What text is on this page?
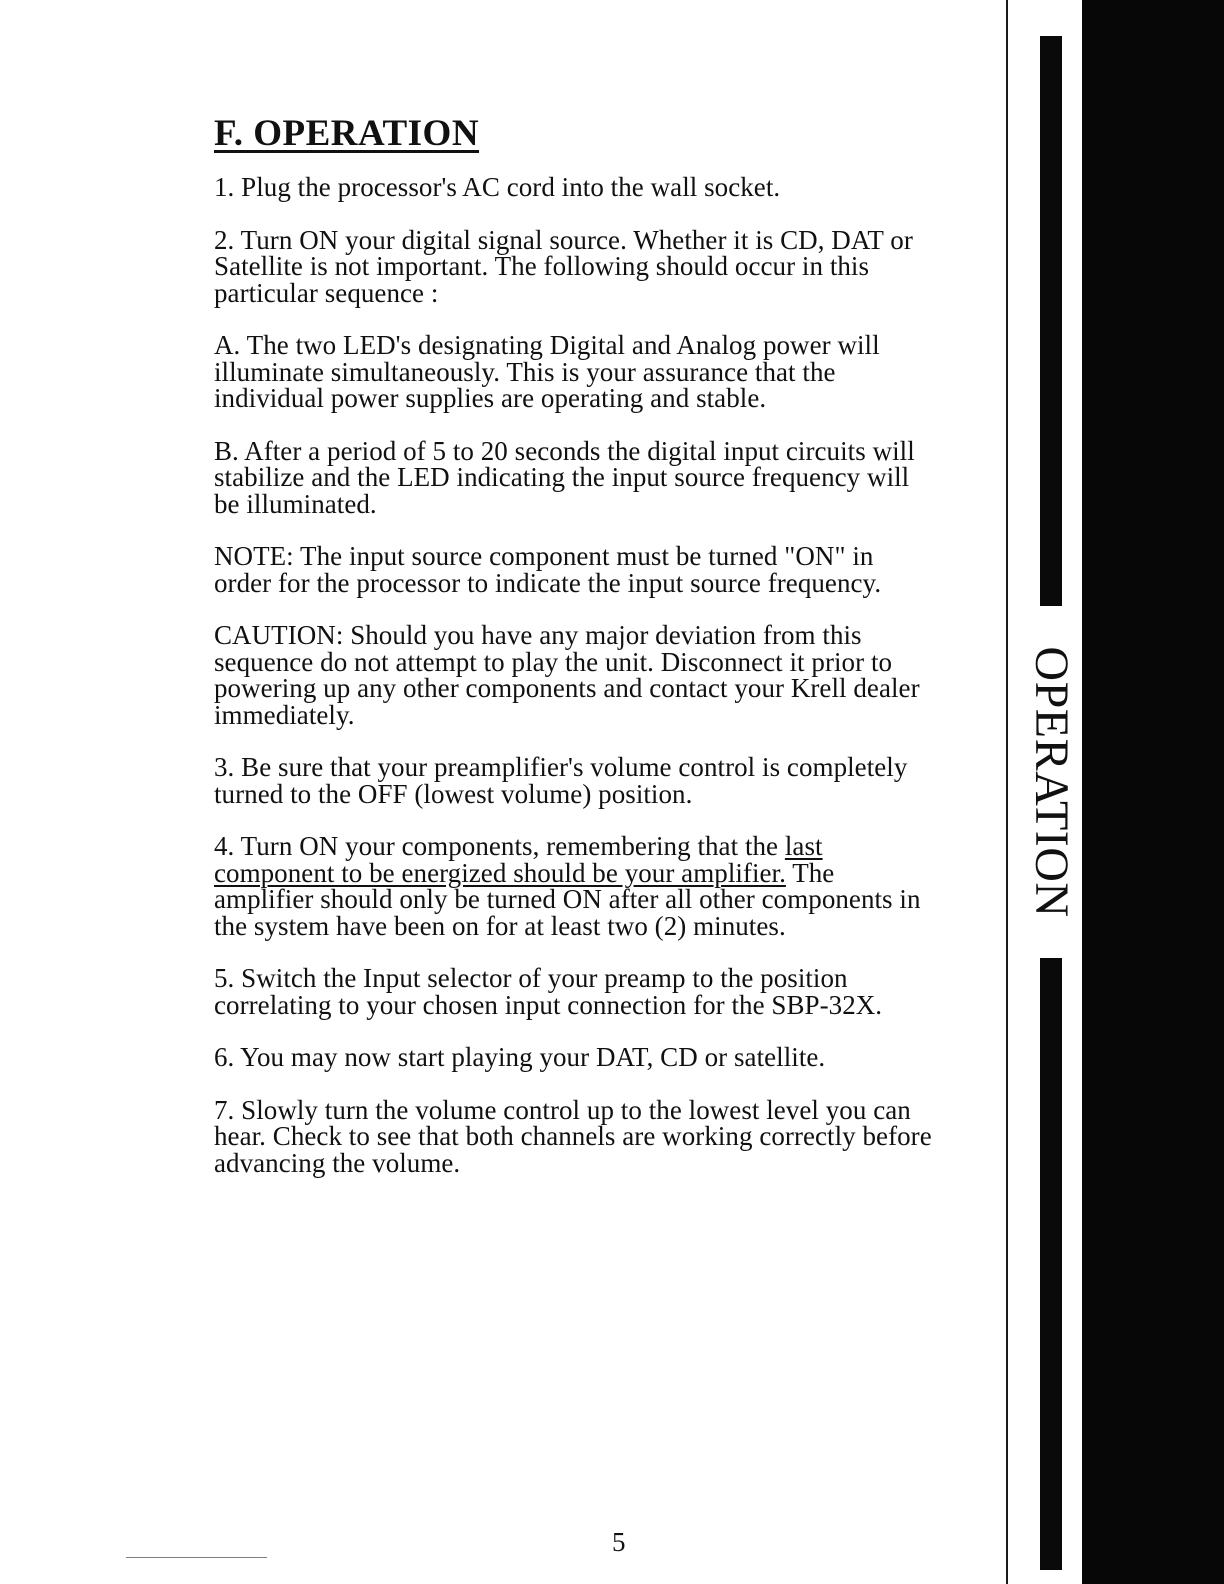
F. OPERATION

1. Plug the processor's AC cord into the wall socket.

2. Turn ON your digital signal source. Whether it is CD, DAT or Satellite is not important. The following should occur in this particular sequence :

A. The two LED's designating Digital and Analog power will illuminate simultaneously. This is your assurance that the individual power supplies are operating and stable.

B. After a period of 5 to 20 seconds the digital input circuits will stabilize and the LED indicating the input source frequency will be illuminated.

NOTE: The input source component must be turned "ON" in order for the processor to indicate the input source frequency.

CAUTION: Should you have any major deviation from this sequence do not attempt to play the unit. Disconnect it prior to powering up any other components and contact your Krell dealer immediately.

3. Be sure that your preamplifier's volume control is completely turned to the OFF (lowest volume) position.

4. Turn ON your components, remembering that the last component to be energized should be your amplifier. The amplifier should only be turned ON after all other components in the system have been on for at least two (2) minutes.

5. Switch the Input selector of your preamp to the position correlating to your chosen input connection for the SBP-32X.

6. You may now start playing your DAT, CD or satellite.

7. Slowly turn the volume control up to the lowest level you can hear. Check to see that both channels are working correctly before advancing the volume.

5
OPERATION
